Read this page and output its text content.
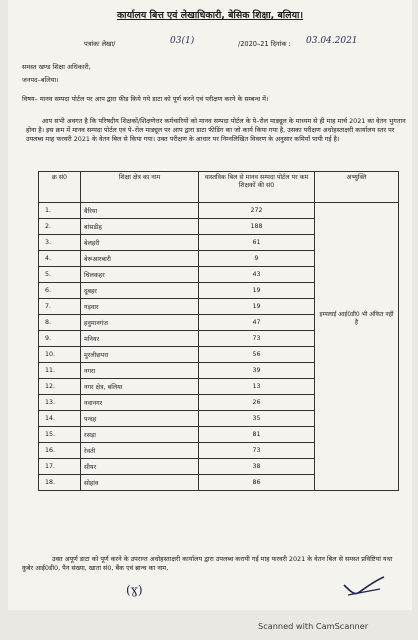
कार्यालय बित्त एवं लेखाधिकारी, बेसिक शिक्षा, बलिया।
पत्रांकः लेखा/	03(1)	/2020–21 दिनांक : 03.04.2021
समस्त खण्ड शिक्षा अधिकारी,
जनपद–बलिया।
विषय– मानव सम्पदा पोर्टल पर आप द्वारा फीड किये गये डाटा को पूर्ण करने एवं परीक्षण करने के सम्बन्ध में।
आप सभी अवगत है कि परिषदीय शिक्षकों/शिक्षणेत्तर कर्मचारियों को मानव सम्पदा पोर्टल के पे–रोल माड्यूल के माध्यम से ही माह मार्च 2021 का वेतन भुगतान होना है। इस क्रम में मानव सम्पदा पोर्टल एवं पे–रोल माड्यूल पर आप द्वारा डाटा फीडिंग का जो कार्य किया गया है, उसका परीक्षण अधोहस्ताक्षरी कार्यालय स्तर पर उपलब्ध माह फरवरी 2021 के वेतन बिल से किया गया। उक्त परीक्षण के आधार पर निम्नलिखित विवरण के अनुसार कमियाँ पायी गई है।
क्र सं0	शिक्षा क्षेत्र का नाम	वास्तविक बिल से मानव सम्पदा पोर्टल पर कम शिक्षकों की सं0	अभ्युक्ति
1.	बैरिया	272	इम्पलाई आई0डी0 भी अंकित नहीं है

2.	बांसडीह	188	
3.	बेलहरी	61	
4.	बेरूआरबारी	9	
5.	चिलकहर	43	
6.	दूबहर	19	
7.	गड़वार	19	
8.	हनुमानगंज	47	
9.	मनियर	73	
10.	मुरलीछपरा	56	
11.	नगरा	39	
12.	नगर क्षेत्र, बलिया	13	
13.	नवानगर	26	
14.	पन्दह	35	
15.	रसड़ा	81	
16.	रेवती	73	
17.	सीयर	38	
18.	सोहांव	86	
उक्त अपूर्ण डाटा को पूर्ण करने के उपरान्त अधोहस्ताक्षरी कार्यालय द्वारा उपलब्ध करायी गई माह फरवरी 2021 के वेतन बिल से समस्त प्रविष्टियां यथा कुबेर आई0डी0, पैन संख्या, खाता सं0, बैंक एवं ब्रान्च का नाम,
(ɣ)
Scanned with CamScanner
